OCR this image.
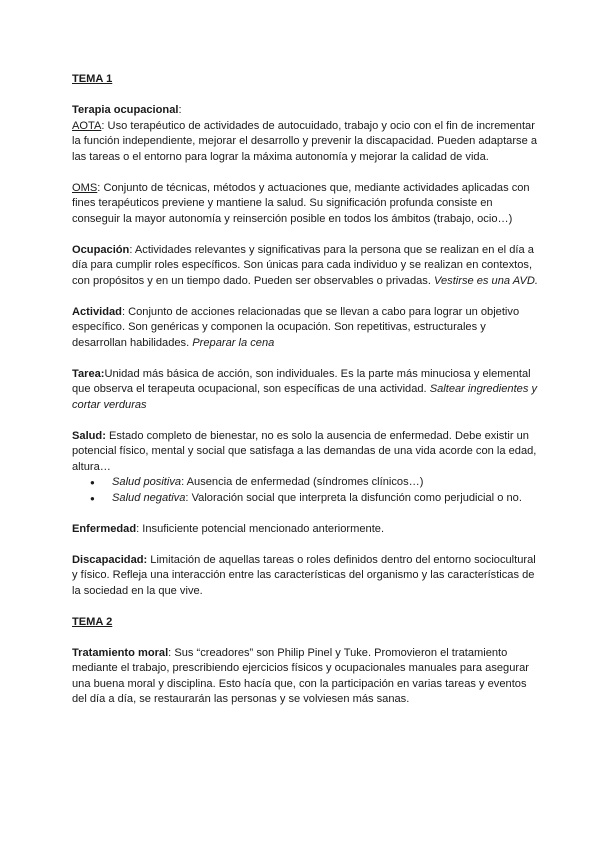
TEMA 1

Terapia ocupacional:

AOTA: Uso terapéutico de actividades de autocuidado, trabajo y ocio con el fin de incrementar la función independiente, mejorar el desarrollo y prevenir la discapacidad. Pueden adaptarse a las tareas o el entorno para lograr la máxima autonomía y mejorar la calidad de vida.

OMS: Conjunto de técnicas, métodos y actuaciones que, mediante actividades aplicadas con fines terapéuticos previene y mantiene la salud. Su significación profunda consiste en conseguir la mayor autonomía y reinserción posible en todos los ámbitos (trabajo, ocio…)

Ocupación: Actividades relevantes y significativas para la persona que se realizan en el día a día para cumplir roles específicos. Son únicas para cada individuo y se realizan en contextos, con propósitos y en un tiempo dado. Pueden ser observables o privadas. Vestirse es una AVD.

Actividad: Conjunto de acciones relacionadas que se llevan a cabo para lograr un objetivo específico. Son genéricas y componen la ocupación. Son repetitivas, estructurales y desarrollan habilidades. Preparar la cena

Tarea:Unidad más básica de acción, son individuales. Es la parte más minuciosa y elemental que observa el terapeuta ocupacional, son específicas de una actividad. Saltear ingredientes y cortar verduras

Salud: Estado completo de bienestar, no es solo la ausencia de enfermedad. Debe existir un potencial físico, mental y social que satisfaga a las demandas de una vida acorde con la edad, altura…

● Salud positiva: Ausencia de enfermedad (síndromes clínicos…)
● Salud negativa: Valoración social que interpreta la disfunción como perjudicial o no.

Enfermedad: Insuficiente potencial mencionado anteriormente.

Discapacidad: Limitación de aquellas tareas o roles definidos dentro del entorno sociocultural y físico. Refleja una interacción entre las características del organismo y las características de la sociedad en la que vive.

TEMA 2

Tratamiento moral: Sus “creadores” son Philip Pinel y Tuke. Promovieron el tratamiento mediante el trabajo, prescribiendo ejercicios físicos y ocupacionales manuales para asegurar una buena moral y disciplina. Esto hacía que, con la participación en varias tareas y eventos del día a día, se restaurarán las personas y se volviesen más sanas.
